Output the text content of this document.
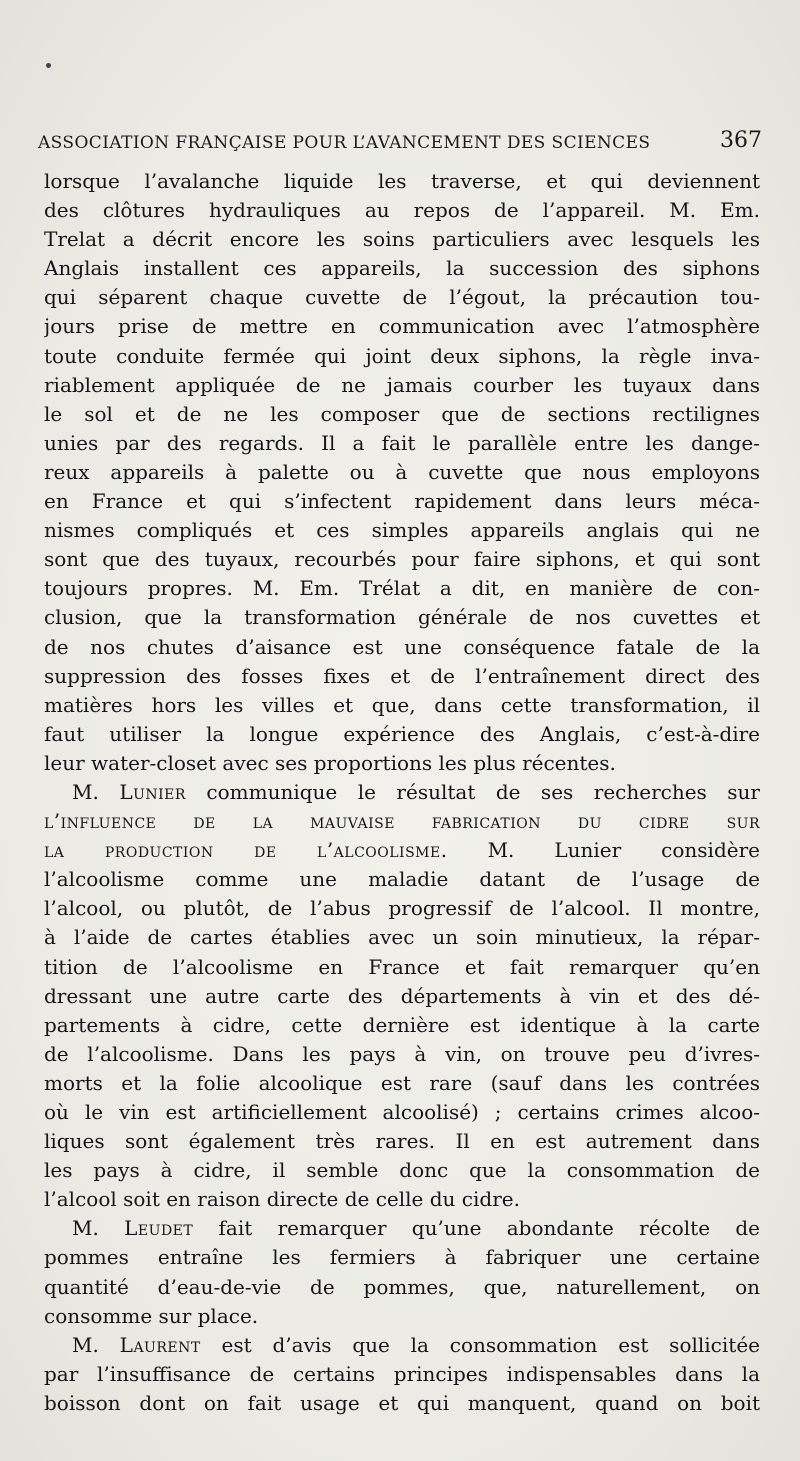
ASSOCIATION FRANÇAISE POUR L’AVANCEMENT DES SCIENCES	367
lorsque l’avalanche liquide les traverse, et qui deviennent
des clôtures hydrauliques au repos de l’appareil. M. Em.
Trelat a décrit encore les soins particuliers avec lesquels les
Anglais installent ces appareils, la succession des siphons
qui séparent chaque cuvette de l’égout, la précaution tou-
jours prise de mettre en communication avec l’atmosphère
toute conduite fermée qui joint deux siphons, la règle inva-
riablement appliquée de ne jamais courber les tuyaux dans
le sol et de ne les composer que de sections rectilignes
unies par des regards. Il a fait le parallèle entre les dange-
reux appareils à palette ou à cuvette que nous employons
en France et qui s’infectent rapidement dans leurs méca-
nismes compliqués et ces simples appareils anglais qui ne
sont que des tuyaux, recourbés pour faire siphons, et qui sont
toujours propres. M. Em. Trélat a dit, en manière de con-
clusion, que la transformation générale de nos cuvettes et
de nos chutes d’aisance est une conséquence fatale de la
suppression des fosses fixes et de l’entraînement direct des
matières hors les villes et que, dans cette transformation, il
faut utiliser la longue expérience des Anglais, c’est-à-dire
leur water-closet avec ses proportions les plus récentes.
M. Lunier communique le résultat de ses recherches sur
l’influence de la mauvaise fabrication du cidre sur
la production de l’alcoolisme. M. Lunier considère
l’alcoolisme comme une maladie datant de l’usage de
l’alcool, ou plutôt, de l’abus progressif de l’alcool. Il montre,
à l’aide de cartes établies avec un soin minutieux, la répar-
tition de l’alcoolisme en France et fait remarquer qu’en
dressant une autre carte des départements à vin et des dé-
partements à cidre, cette dernière est identique à la carte
de l’alcoolisme. Dans les pays à vin, on trouve peu d’ivres-
morts et la folie alcoolique est rare (sauf dans les contrées
où le vin est artificiellement alcoolisé) ; certains crimes alcoo-
liques sont également très rares. Il en est autrement dans
les pays à cidre, il semble donc que la consommation de
l’alcool soit en raison directe de celle du cidre.
M. Leudet fait remarquer qu’une abondante récolte de
pommes entraîne les fermiers à fabriquer une certaine
quantité d’eau-de-vie de pommes, que, naturellement, on
consomme sur place.
M. Laurent est d’avis que la consommation est sollicitée
par l’insuffisance de certains principes indispensables dans la
boisson dont on fait usage et qui manquent, quand on boit
